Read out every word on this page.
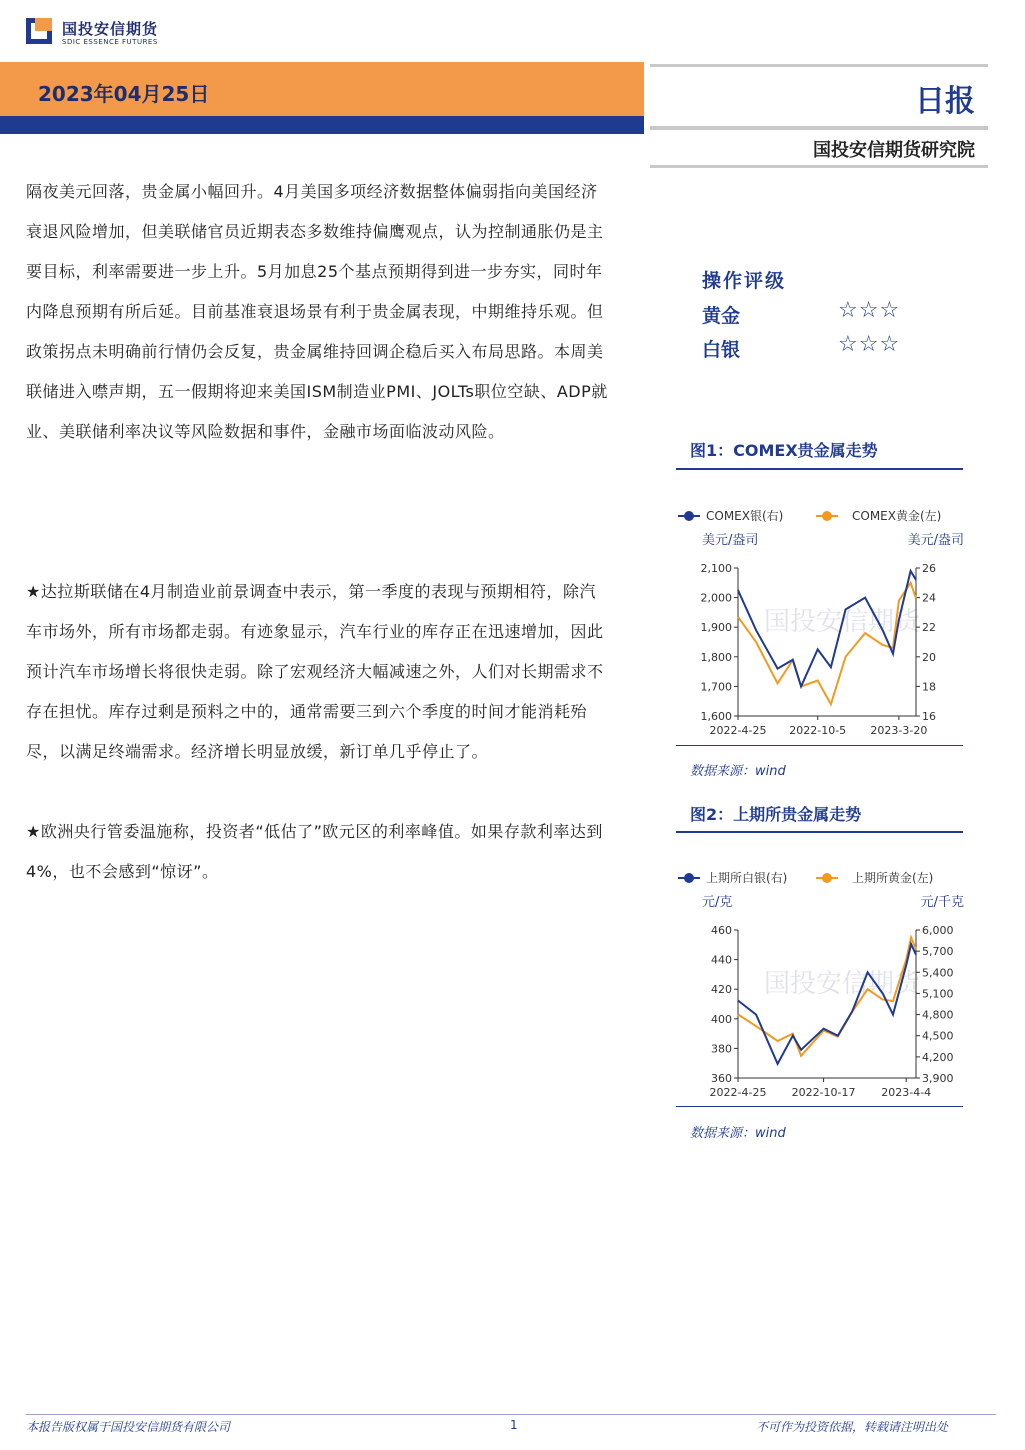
国投安信期货
SDIC ESSENCE FUTURES
2023年04月25日	日报
国投安信期货研究院
隔夜美元回落，贵金属小幅回升。4月美国多项经济数据整体偏弱指向美国经济衰退风险增加，但美联储官员近期表态多数维持偏鹰观点，认为控制通胀仍是主要目标，利率需要进一步上升。5月加息25个基点预期得到进一步夯实，同时年内降息预期有所后延。目前基准衰退场景有利于贵金属表现，中期维持乐观。但政策拐点未明确前行情仍会反复，贵金属维持回调企稳后买入布局思路。本周美联储进入噤声期，五一假期将迎来美国ISM制造业PMI、JOLTs职位空缺、ADP就业、美联储利率决议等风险数据和事件，金融市场面临波动风险。
★达拉斯联储在4月制造业前景调查中表示，第一季度的表现与预期相符，除汽车市场外，所有市场都走弱。有迹象显示，汽车行业的库存正在迅速增加，因此预计汽车市场增长将很快走弱。除了宏观经济大幅减速之外，人们对长期需求不存在担忧。库存过剩是预料之中的，通常需要三到六个季度的时间才能消耗殆尽，以满足终端需求。经济增长明显放缓，新订单几乎停止了。
★欧洲央行管委温施称，投资者“低估了”欧元区的利率峰值。如果存款利率达到4%，也不会感到“惊讶”。
操作评级
黄金	☆☆☆
白银	☆☆☆
图1：COMEX贵金属走势
COMEX银(右)	COMEX黄金(左)
美元/盎司	美元/盎司
国投安信期货
2,100
2,000
1,900
1,800
1,700
1,600
26
24
22
20
18
16
2022-4-25 2022-10-5 2023-3-20
数据来源：wind
图2：上期所贵金属走势
上期所白银(右)	上期所黄金(左)
元/克	元/千克
国投安信期货
460
440
420
400
380
360
6,000
5,700
5,400
5,100
4,800
4,500
4,200
3,900
2022-4-25 2022-10-17 2023-4-4
数据来源：wind
本报告版权属于国投安信期货有限公司	1	不可作为投资依据，转载请注明出处
